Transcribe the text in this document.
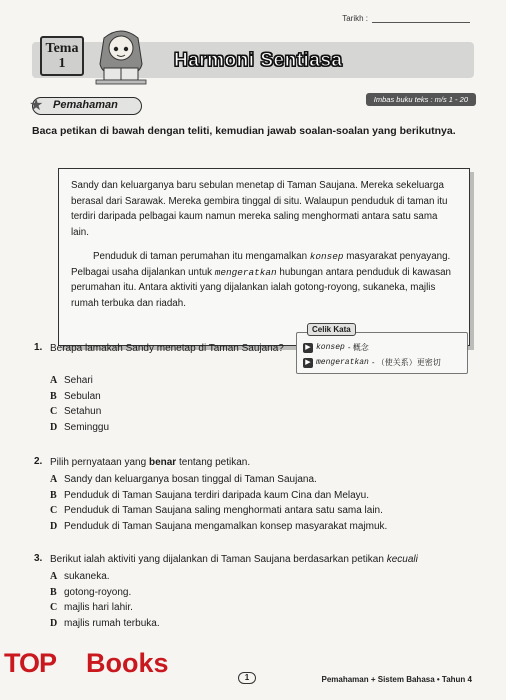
Tarikh :
Tema
1	Harmoni Sentiasa
Imbas buku teks : m/s 1 - 20
★ Pemahaman
Baca petikan di bawah dengan teliti, kemudian jawab soalan-soalan yang berikutnya.

Sandy dan keluarganya baru sebulan menetap di Taman Saujana. Mereka sekeluarga berasal dari Sarawak. Mereka gembira tinggal di situ. Walaupun penduduk di taman itu terdiri daripada pelbagai kaum namun mereka saling menghormati antara satu sama lain.

Penduduk di taman perumahan itu mengamalkan konsep masyarakat penyayang. Pelbagai usaha dijalankan untuk mengeratkan hubungan antara penduduk di kawasan perumahan itu. Antara aktiviti yang dijalankan ialah gotong-royong, sukaneka, majlis rumah terbuka dan riadah.

Celik Kata
▶ konsep - 概念
▶ mengeratkan - （使关系）更密切
1. Berapa lamakah Sandy menetap di Taman Saujana?
A Sehari
B Sebulan
C Setahun
D Seminggu
2. Pilih pernyataan yang benar tentang petikan.
A Sandy dan keluarganya bosan tinggal di Taman Saujana.
B Penduduk di Taman Saujana terdiri daripada kaum Cina dan Melayu.
C Penduduk di Taman Saujana saling menghormati antara satu sama lain.
D Penduduk di Taman Saujana mengamalkan konsep masyarakat majmuk.
3. Berikut ialah aktiviti yang dijalankan di Taman Saujana berdasarkan petikan kecuali
A sukaneka.
B gotong-royong.
C majlis hari lahir.
D majlis rumah terbuka.
TOP Books	1	Pemahaman + Sistem Bahasa • Tahun 4
